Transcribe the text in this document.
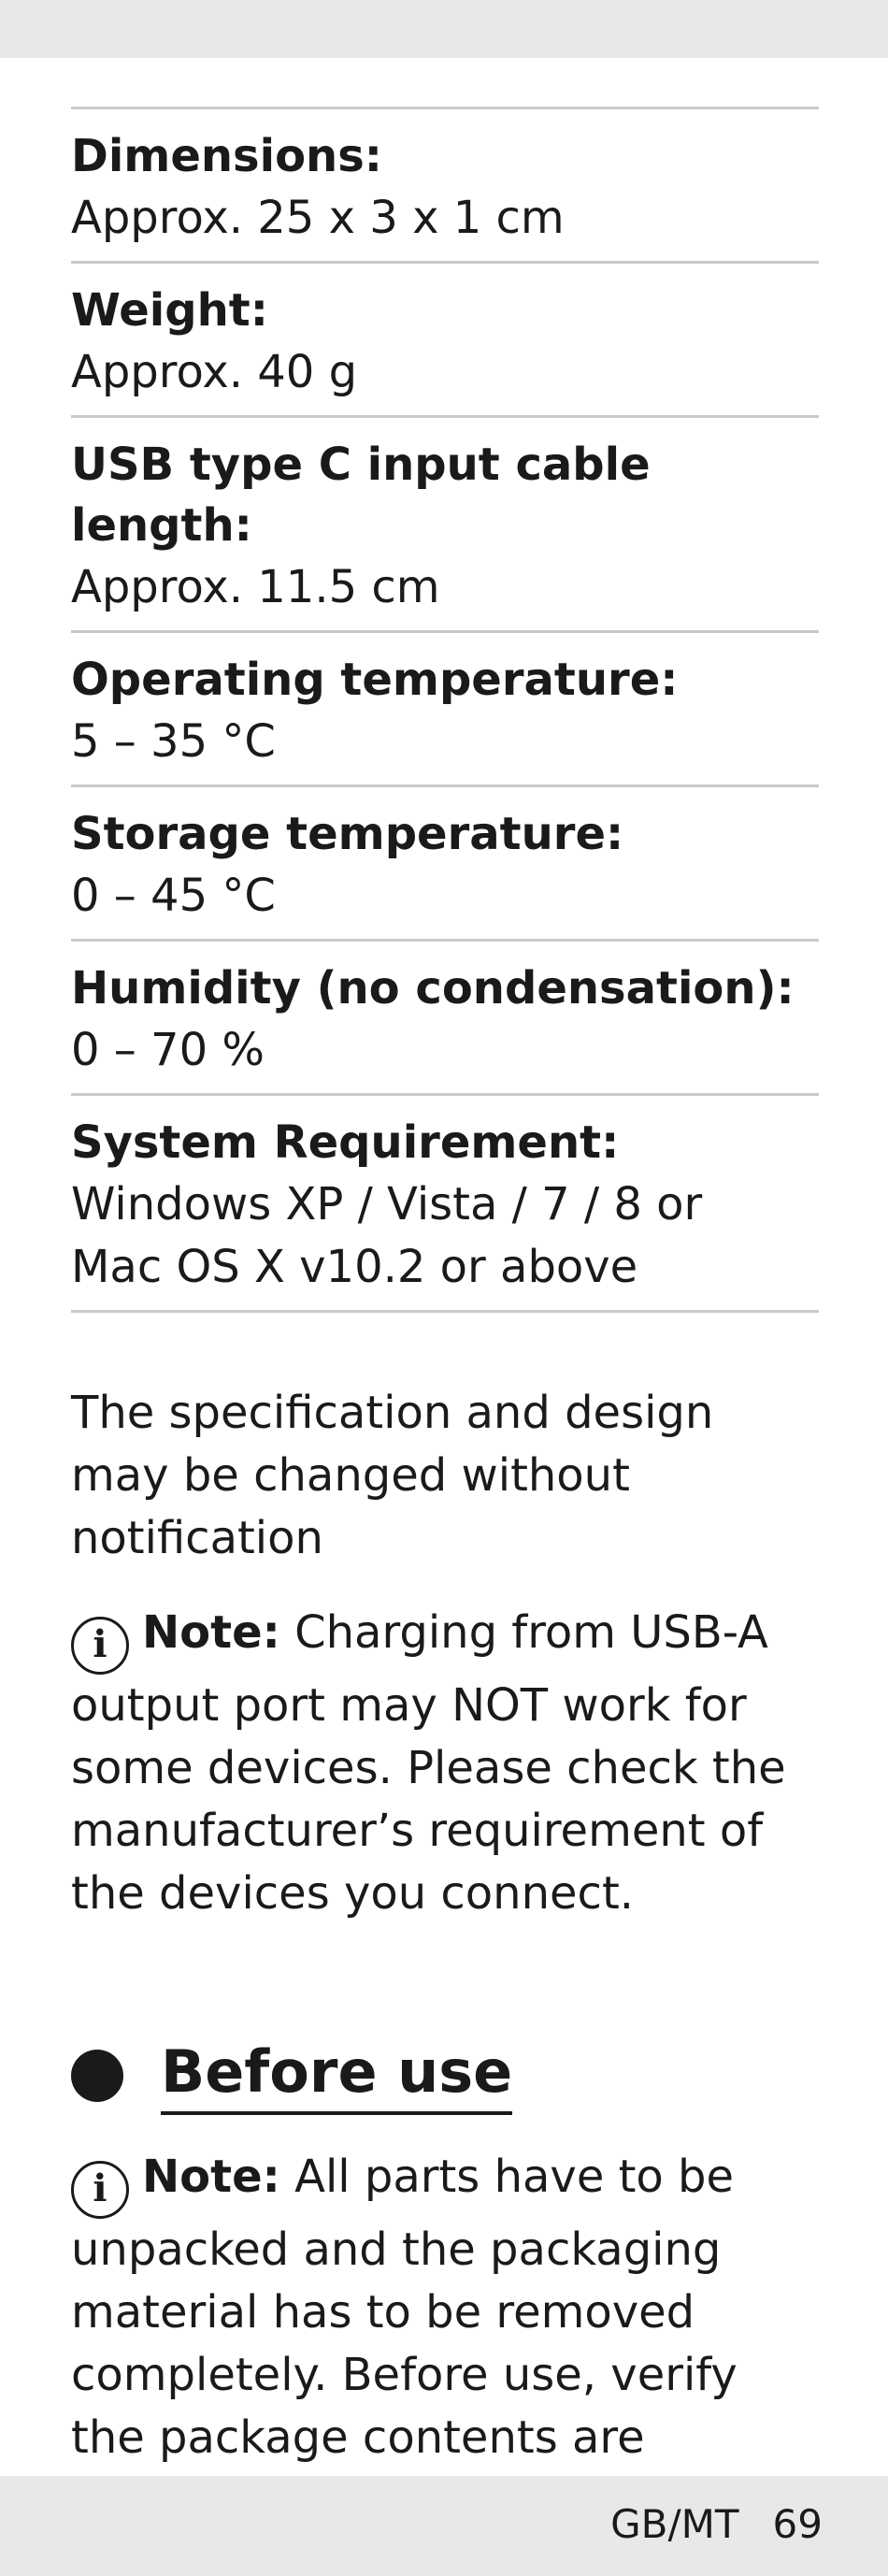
Dimensions:
Approx. 25 x 3 x 1 cm
Weight:
Approx. 40 g
USB type C input cable length:
Approx. 11.5 cm
Operating temperature:
5 – 35 °C
Storage temperature:
0 – 45 °C
Humidity (no condensation):
0 – 70 %
System Requirement:
Windows XP / Vista / 7 / 8 or
Mac OS X v10.2 or above
The specification and design may be changed without notification
i Note: Charging from USB-A output port may NOT work for some devices. Please check the manufacturer’s requirement of the devices you connect.
Before use
i Note: All parts have to be unpacked and the packaging material has to be removed completely. Before use, verify the package contents are
GB/MT 69
